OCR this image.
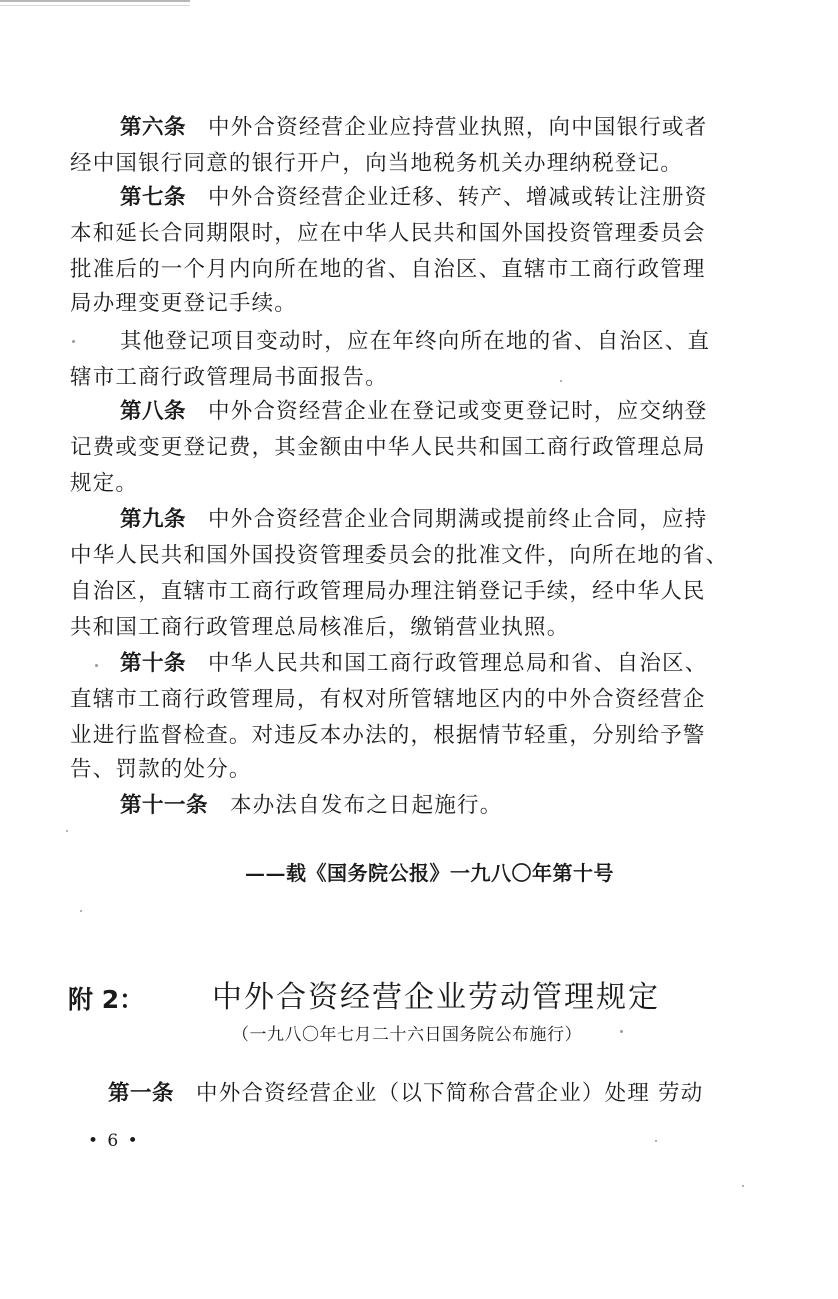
第六条 中外合资经营企业应持营业执照，向中国银行或者
经中国银行同意的银行开户，向当地税务机关办理纳税登记。
第七条 中外合资经营企业迁移、转产、增减或转让注册资
本和延长合同期限时，应在中华人民共和国外国投资管理委员会
批准后的一个月内向所在地的省、自治区、直辖市工商行政管理
局办理变更登记手续。
其他登记项目变动时，应在年终向所在地的省、自治区、直
辖市工商行政管理局书面报告。
第八条 中外合资经营企业在登记或变更登记时，应交纳登
记费或变更登记费，其金额由中华人民共和国工商行政管理总局
规定。
第九条 中外合资经营企业合同期满或提前终止合同，应持
中华人民共和国外国投资管理委员会的批准文件，向所在地的省、
自治区，直辖市工商行政管理局办理注销登记手续，经中华人民
共和国工商行政管理总局核准后，缴销营业执照。
第十条 中华人民共和国工商行政管理总局和省、自治区、
直辖市工商行政管理局，有权对所管辖地区内的中外合资经营企
业进行监督检查。对违反本办法的，根据情节轻重，分别给予警
告、罚款的处分。
第十一条 本办法自发布之日起施行。
——载《国务院公报》一九八〇年第十号
附 2： 中外合资经营企业劳动管理规定
（一九八〇年七月二十六日国务院公布施行）
第一条 中外合资经营企业（以下简称合营企业）处理 劳动
• 6 •
